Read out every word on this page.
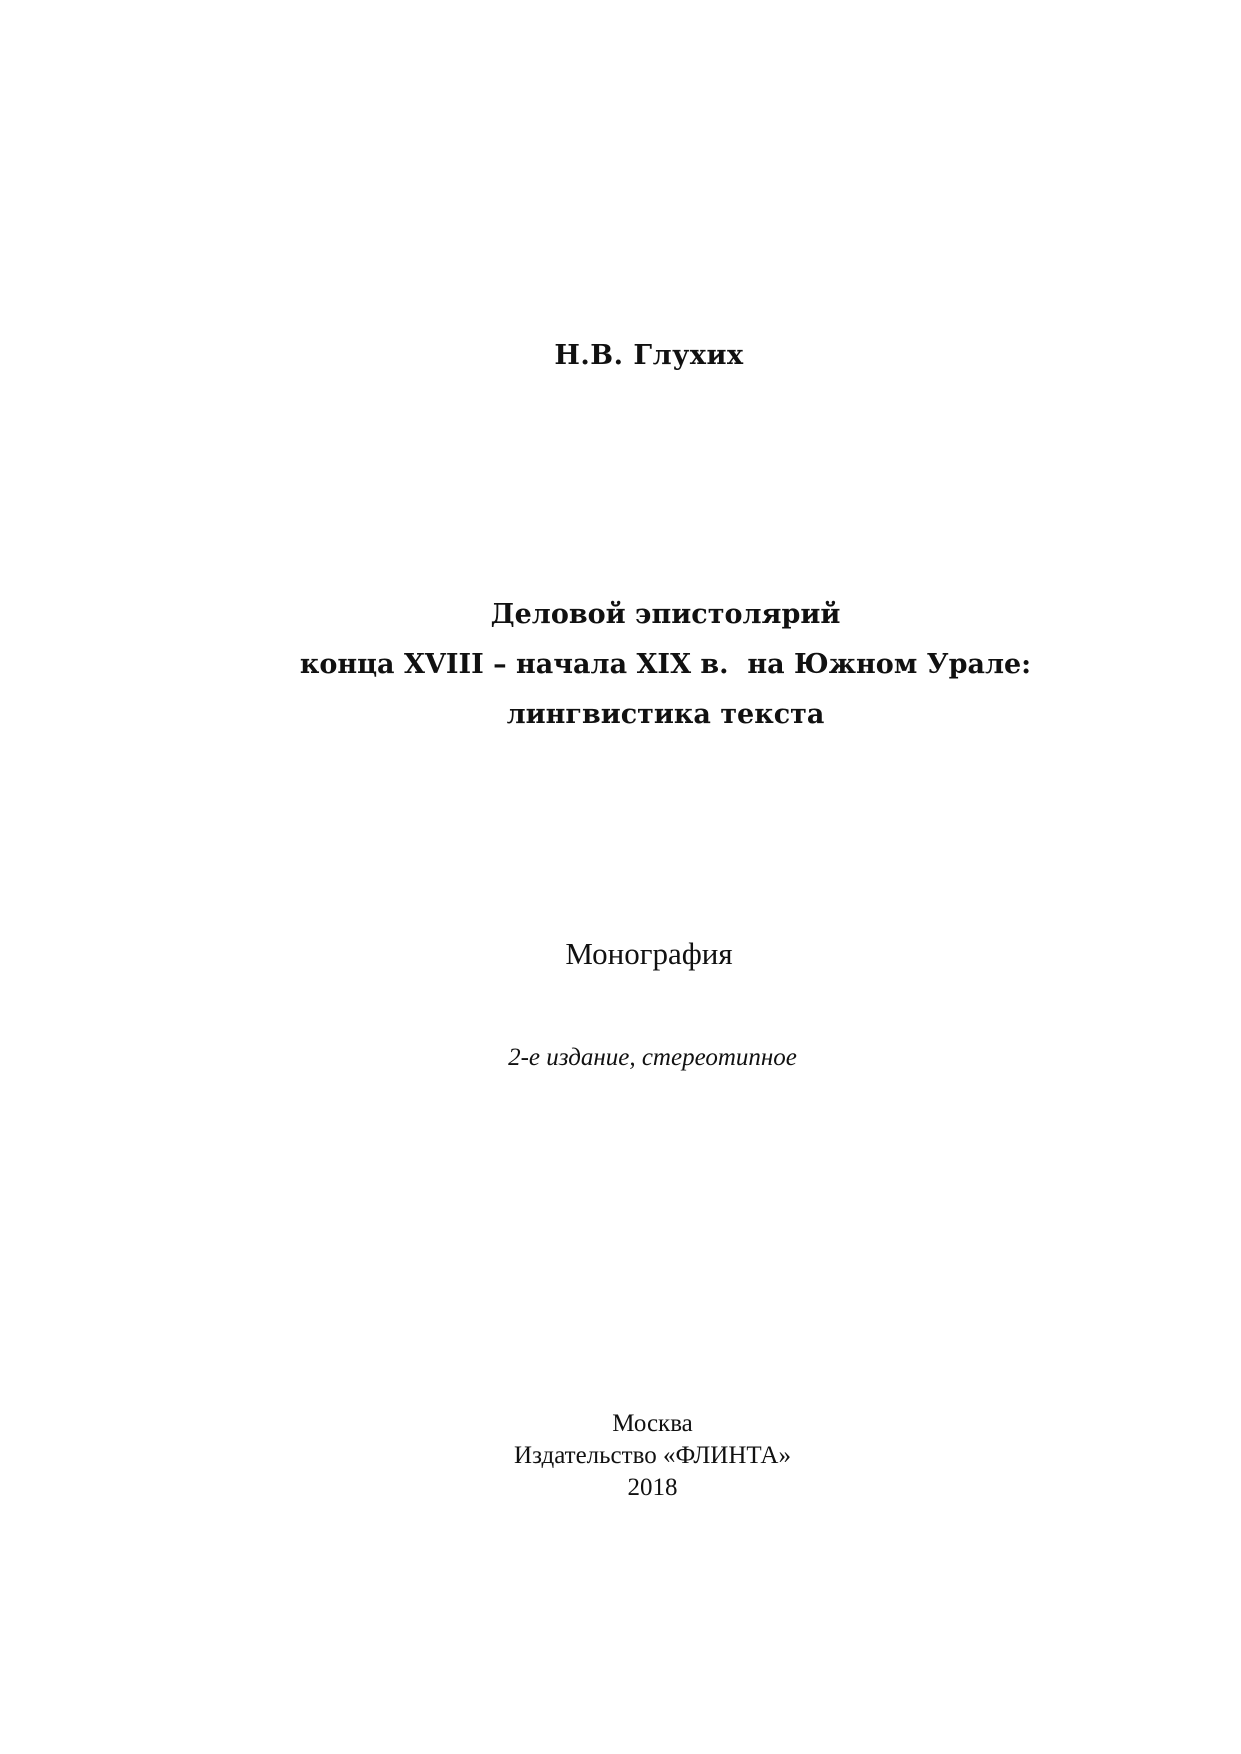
Н.В. Глухих
Деловой эпистолярий
конца XVIII – начала XIX в.  на Южном Урале:
лингвистика текста
Монография
2-е издание, стереотипное
Москва
Издательство «ФЛИНТА»
2018
